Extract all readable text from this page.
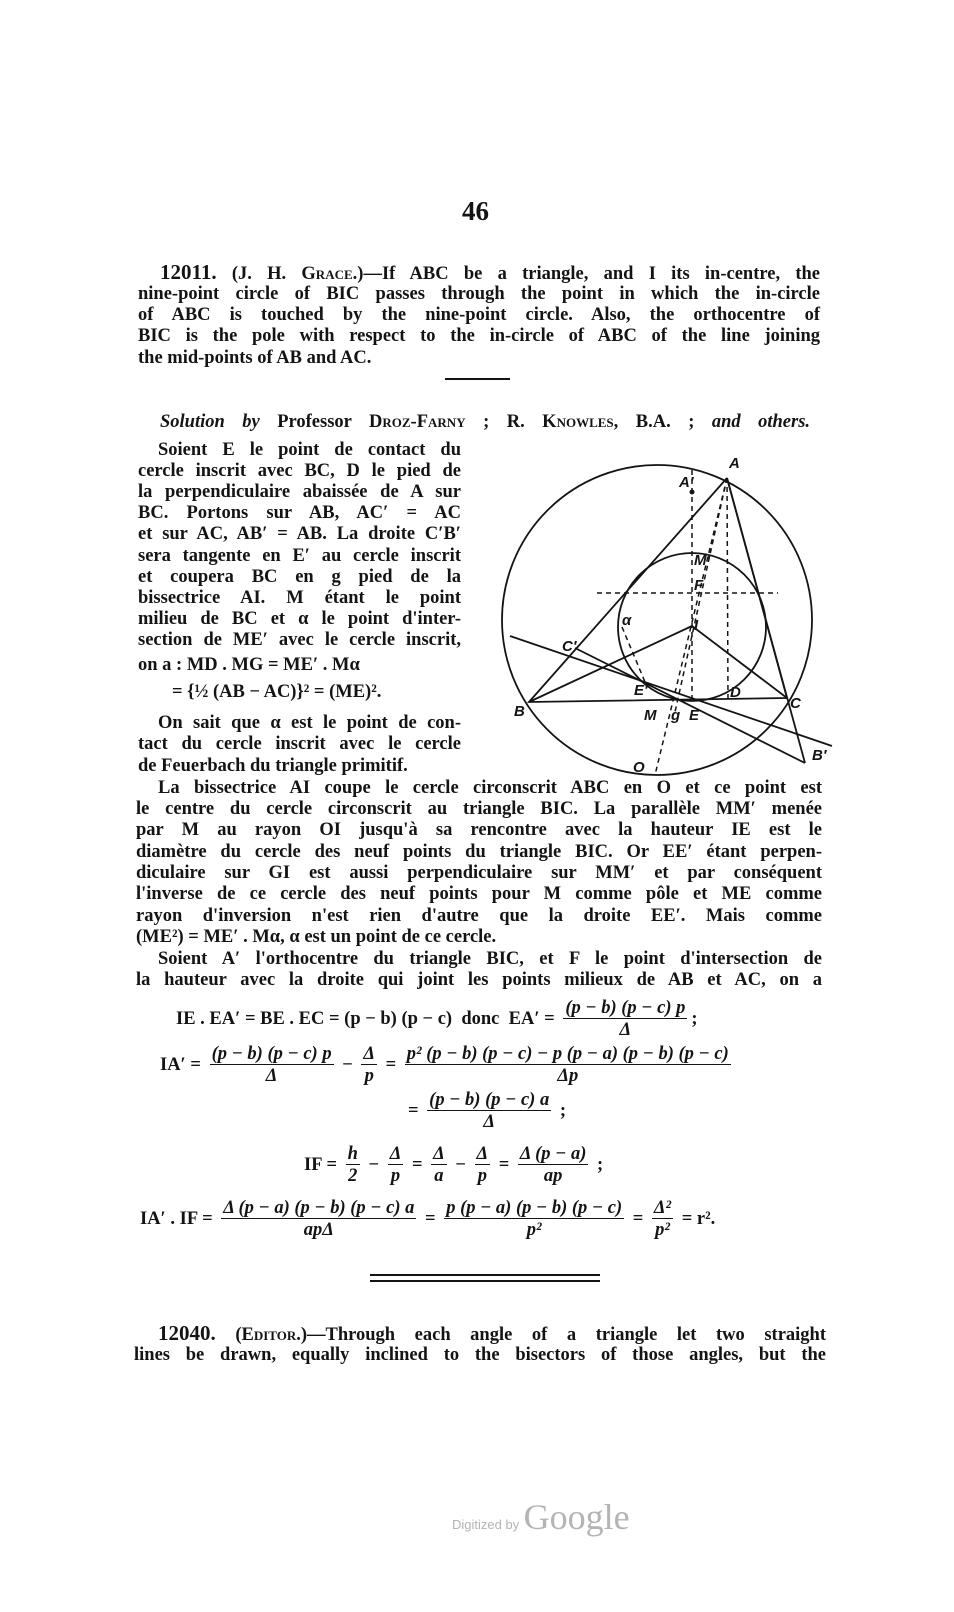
46
12011. (J. H. Grace.)—If ABC be a triangle, and I its in-centre, the
nine-point circle of BIC passes through the point in which the in-circle
of ABC is touched by the nine-point circle. Also, the orthocentre of
BIC is the pole with respect to the in-circle of ABC of the line joining
the mid-points of AB and AC.
Solution by Professor Droz-Farny ; R. Knowles, B.A. ; and others.
Soient E le point de contact du
cercle inscrit avec BC, D le pied de
la perpendiculaire abaissée de A sur
BC. Portons sur AB, AC′ = AC
et sur AC, AB′ = AB. La droite C′B′
sera tangente en E′ au cercle inscrit
et coupera BC en g pied de la
bissectrice AI. M étant le point
milieu de BC et α le point d'inter-
section de ME′ avec le cercle inscrit,
on a : MD . MG = ME′ . Mα
= {½ (AB − AC)}² = (ME)².
On sait que α est le point de con-
tact du cercle inscrit avec le cercle
de Feuerbach du triangle primitif.
A
A′
M′
F
I
α
C′
E′	D
C
B	M g E
O
B′
La bissectrice AI coupe le cercle circonscrit ABC en O et ce point est
le centre du cercle circonscrit au triangle BIC. La parallèle MM′ menée
par M au rayon OI jusqu'à sa rencontre avec la hauteur IE est le
diamètre du cercle des neuf points du triangle BIC. Or EE′ étant perpen-
diculaire sur GI est aussi perpendiculaire sur MM′ et par conséquent
l'inverse de ce cercle des neuf points pour M comme pôle et ME comme
rayon d'inversion n'est rien d'autre que la droite EE′. Mais comme
(ME²) = ME′ . Mα, α est un point de ce cercle.
Soient A′ l'orthocentre du triangle BIC, et F le point d'intersection de
la hauteur avec la droite qui joint les points milieux de AB et AC, on a
IE . EA′ = BE . EC = (p − b) (p − c)  donc  $EA' = \frac{(p - b) (p - c) p}{\Delta}$ ;
$IA' = \frac{(p - b) (p - c) p}{\Delta} - \frac{\Delta}{p} = \frac{\text{p² (p − b) (p − c) − p (p − a) (p − b) (p − c)}}{\Delta p}$
= $\frac{(p - b) (p - c) a}{\Delta}$ ;
IF = $\frac{h}{2} - \frac{\Delta}{p} = \frac{\Delta}{a} - \frac{\Delta}{p} = \frac{\Delta (p - a)}{ap}$ ;
IA′ . IF =
Δ (p − a) (p − b) (p − c) a
apΔ
= $\frac{p (p - a) (p - b) (p - c)}{\text{p²}} = \frac{\text{Δ²}}{\text{p²}} = r^2$.
12040. (Editor.)—Through each angle of a triangle let two straight
lines be drawn, equally inclined to the bisectors of those angles, but the
Digitized by Google
